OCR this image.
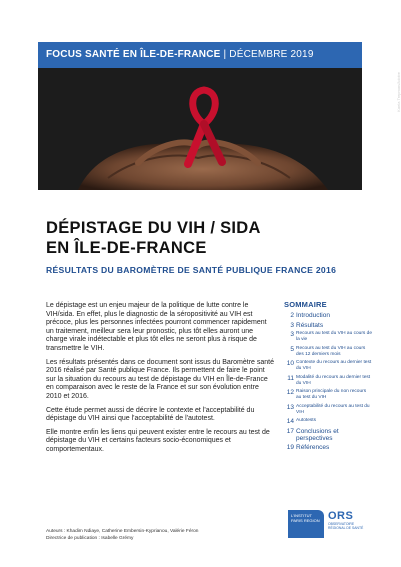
FOCUS SANTÉ EN ÎLE-DE-FRANCE | DÉCEMBRE 2019
Kaela Trepman/Adobe
DÉPISTAGE DU VIH / SIDA
EN ÎLE-DE-FRANCE
RÉSULTATS DU BAROMÈTRE DE SANTÉ PUBLIQUE FRANCE 2016

Le dépistage est un enjeu majeur de la politique de lutte contre le VIH/sida. En effet, plus le diagnostic de la séropositivité au VIH est précoce, plus les personnes infectées pourront commencer rapidement un traitement, meilleur sera leur pronostic, plus tôt elles auront une charge virale indétectable et plus tôt elles ne seront plus à risque de transmettre le VIH.

Les résultats présentés dans ce document sont issus du Baromètre santé 2016 réalisé par Santé publique France. Ils permettent de faire le point sur la situation du recours au test de dépistage du VIH en Île-de-France en comparaison avec le reste de la France et sur son évolution entre 2010 et 2016.

Cette étude permet aussi de décrire le contexte et l'acceptabilité du dépistage du VIH ainsi que l'acceptabilité de l'autotest.

Elle montre enfin les liens qui peuvent exister entre le recours au test de dépistage du VIH et certains facteurs socio-économiques et comportementaux.

SOMMAIRE
2 Introduction
3 Résultats
3 Recours au test du VIH au cours de la vie
5 Recours au test du VIH au cours des 12 derniers mois
10 Contexte du recours au dernier test du VIH
11 Modalité du recours au dernier test du VIH
12 Raison principale du non recours au test du VIH
13 Acceptabilité du recours au test du VIH
14 Autotests
17 Conclusions et perspectives
19 Références
Auteurs : Khadim Ndiaye, Catherine Embersin-Kyprianou, Valérie Féron
Directrice de publication : Isabelle Grémy
L'INSTITUT PARIS REGION ORS
OBSERVATOIRE RÉGIONAL DE SANTÉ
